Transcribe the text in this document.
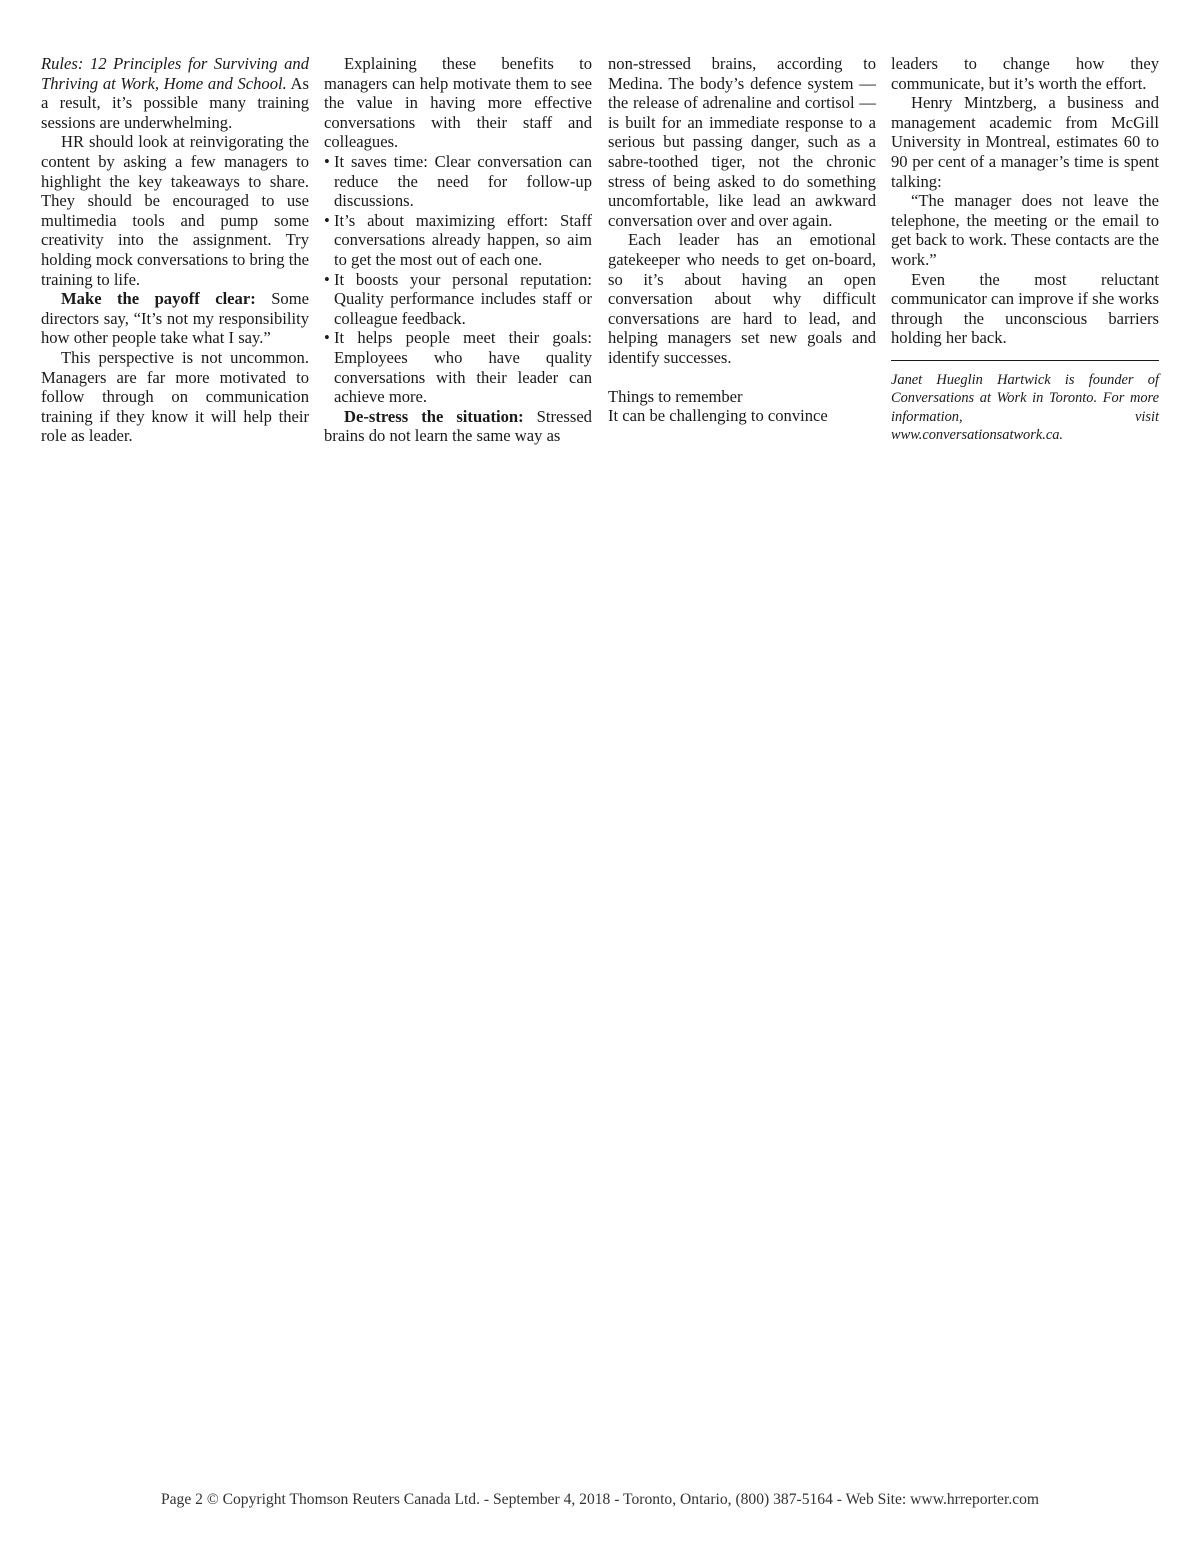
Rules: 12 Principles for Surviving and Thriving at Work, Home and School. As a result, it’s possible many training sessions are underwhelming.

HR should look at reinvigorating the content by asking a few managers to highlight the key takeaways to share. They should be encouraged to use multimedia tools and pump some creativity into the assignment. Try holding mock conversations to bring the training to life.

Make the payoff clear: Some directors say, “It’s not my responsibility how other people take what I say.”

This perspective is not uncommon. Managers are far more motivated to follow through on communication training if they know it will help their role as leader.

Explaining these benefits to managers can help motivate them to see the value in having more effective conversations with their staff and colleagues.

• It saves time: Clear conversation can reduce the need for follow-up discussions.
• It’s about maximizing effort: Staff conversations already happen, so aim to get the most out of each one.
• It boosts your personal reputation: Quality performance includes staff or colleague feedback.
• It helps people meet their goals: Employees who have quality conversations with their leader can achieve more.

De-stress the situation: Stressed brains do not learn the same way as

non-stressed brains, according to Medina. The body’s defence system — the release of adrenaline and cortisol — is built for an immediate response to a serious but passing danger, such as a sabre-toothed tiger, not the chronic stress of being asked to do something uncomfortable, like lead an awkward conversation over and over again.

Each leader has an emotional gatekeeper who needs to get on-board, so it’s about having an open conversation about why difficult conversations are hard to lead, and helping managers set new goals and identify successes.

Things to remember

It can be challenging to convince

leaders to change how they communicate, but it’s worth the effort.

Henry Mintzberg, a business and management academic from McGill University in Montreal, estimates 60 to 90 per cent of a manager’s time is spent talking:

“The manager does not leave the telephone, the meeting or the email to get back to work. These contacts are the work.”

Even the most reluctant communicator can improve if she works through the unconscious barriers holding her back.

Janet Hueglin Hartwick is founder of Conversations at Work in Toronto. For more information, visit www.conversationsatwork.ca.

Page 2 © Copyright Thomson Reuters Canada Ltd. - September 4, 2018 - Toronto, Ontario, (800) 387-5164 - Web Site: www.hrreporter.com
